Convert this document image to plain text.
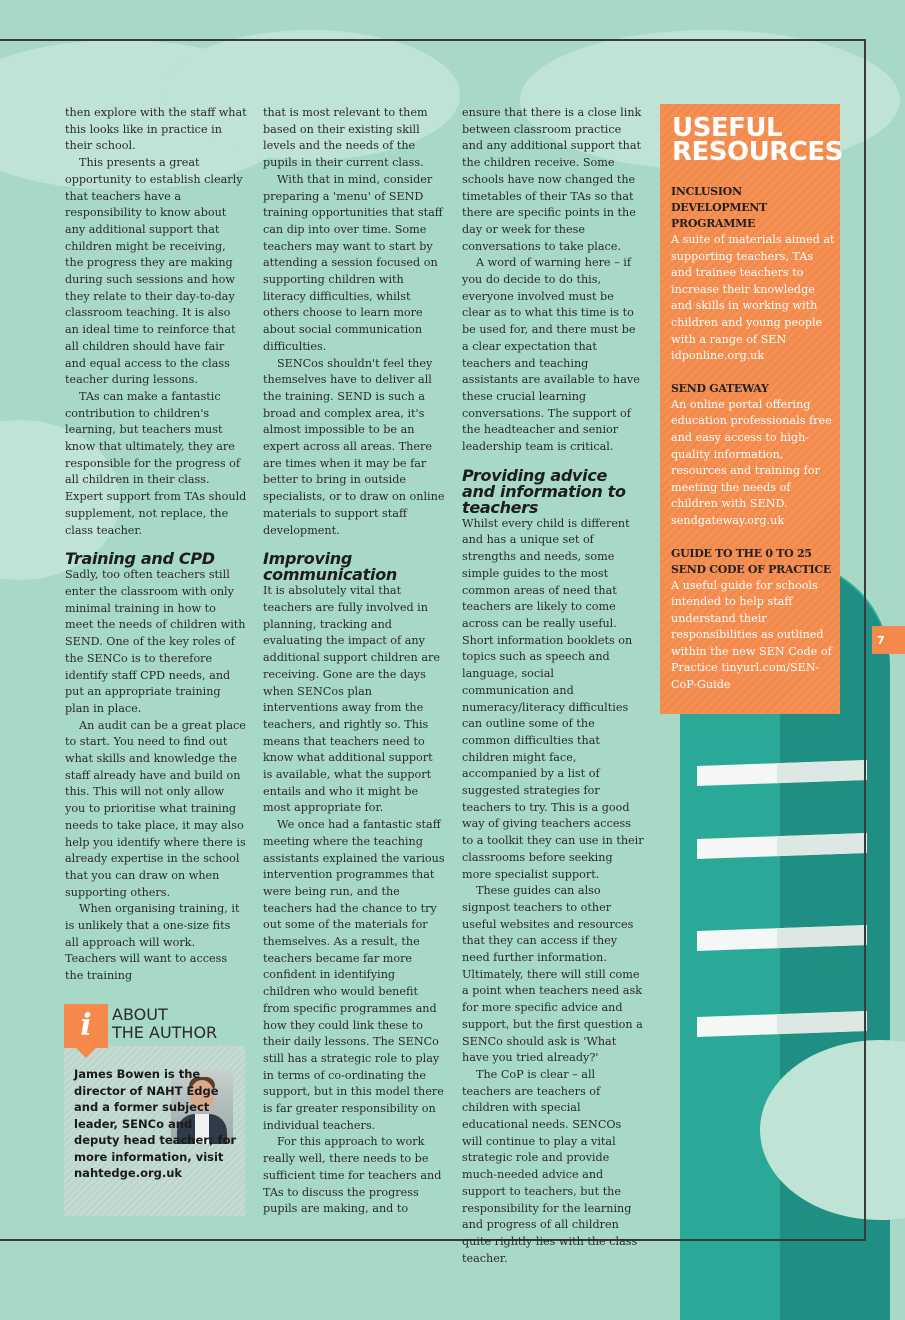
7

then explore with the staff what this looks like in practice in their school.

This presents a great opportunity to establish clearly that teachers have a responsibility to know about any additional support that children might be receiving, the progress they are making during such sessions and how they relate to their day-to-day classroom teaching. It is also an ideal time to reinforce that all children should have fair and equal access to the class teacher during lessons.

TAs can make a fantastic contribution to children's learning, but teachers must know that ultimately, they are responsible for the progress of all children in their class. Expert support from TAs should supplement, not replace, the class teacher.

Training and CPD

Sadly, too often teachers still enter the classroom with only minimal training in how to meet the needs of children with SEND. One of the key roles of the SENCo is to therefore identify staff CPD needs, and put an appropriate training plan in place.

An audit can be a great place to start. You need to find out what skills and knowledge the staff already have and build on this. This will not only allow you to prioritise what training needs to take place, it may also help you identify where there is already expertise in the school that you can draw on when supporting others.

When organising training, it is unlikely that a one-size fits all approach will work. Teachers will want to access the training

that is most relevant to them based on their existing skill levels and the needs of the pupils in their current class.

With that in mind, consider preparing a 'menu' of SEND training opportunities that staff can dip into over time. Some teachers may want to start by attending a session focused on supporting children with literacy difficulties, whilst others choose to learn more about social communication difficulties.

SENCos shouldn't feel they themselves have to deliver all the training. SEND is such a broad and complex area, it's almost impossible to be an expert across all areas. There are times when it may be far better to bring in outside specialists, or to draw on online materials to support staff development.

Improving communication

It is absolutely vital that teachers are fully involved in planning, tracking and evaluating the impact of any additional support children are receiving. Gone are the days when SENCos plan interventions away from the teachers, and rightly so. This means that teachers need to know what additional support is available, what the support entails and who it might be most appropriate for.

We once had a fantastic staff meeting where the teaching assistants explained the various intervention programmes that were being run, and the teachers had the chance to try out some of the materials for themselves. As a result, the teachers became far more confident in identifying children who would benefit from specific programmes and how they could link these to their daily lessons. The SENCo still has a strategic role to play in terms of co-ordinating the support, but in this model there is far greater responsibility on individual teachers.

For this approach to work really well, there needs to be sufficient time for teachers and TAs to discuss the progress pupils are making, and to

ensure that there is a close link between classroom practice and any additional support that the children receive. Some schools have now changed the timetables of their TAs so that there are specific points in the day or week for these conversations to take place.

A word of warning here – if you do decide to do this, everyone involved must be clear as to what this time is to be used for, and there must be a clear expectation that teachers and teaching assistants are available to have these crucial learning conversations. The support of the headteacher and senior leadership team is critical.

Providing advice and information to teachers

Whilst every child is different and has a unique set of strengths and needs, some simple guides to the most common areas of need that teachers are likely to come across can be really useful. Short information booklets on topics such as speech and language, social communication and numeracy/literacy difficulties can outline some of the common difficulties that children might face, accompanied by a list of suggested strategies for teachers to try. This is a good way of giving teachers access to a toolkit they can use in their classrooms before seeking more specialist support.

These guides can also signpost teachers to other useful websites and resources that they can access if they need further information. Ultimately, there will still come a point when teachers need ask for more specific advice and support, but the first question a SENCo should ask is 'What have you tried already?'

The CoP is clear – all teachers are teachers of children with special educational needs. SENCOs will continue to play a vital strategic role and provide much-needed advice and support to teachers, but the responsibility for the learning and progress of all children quite rightly lies with the class teacher.

James Bowen is the director of NAHT Edge and a former subject leader, SENCo and deputy head teacher; for more information, visit nahtedge.org.uk
i	ABOUT
THE AUTHOR
USEFUL
RESOURCES
INCLUSION DEVELOPMENT PROGRAMME

A suite of materials aimed at supporting teachers, TAs and trainee teachers to increase their knowledge and skills in working with children and young people with a range of SEN idponline.org.uk

SEND GATEWAY

An online portal offering education professionals free and easy access to high-quality information, resources and training for meeting the needs of children with SEND. sendgateway.org.uk

GUIDE TO THE 0 TO 25 SEND CODE OF PRACTICE

A useful guide for schools intended to help staff understand their responsibilities as outlined within the new SEN Code of Practice tinyurl.com/SEN-CoP-Guide
